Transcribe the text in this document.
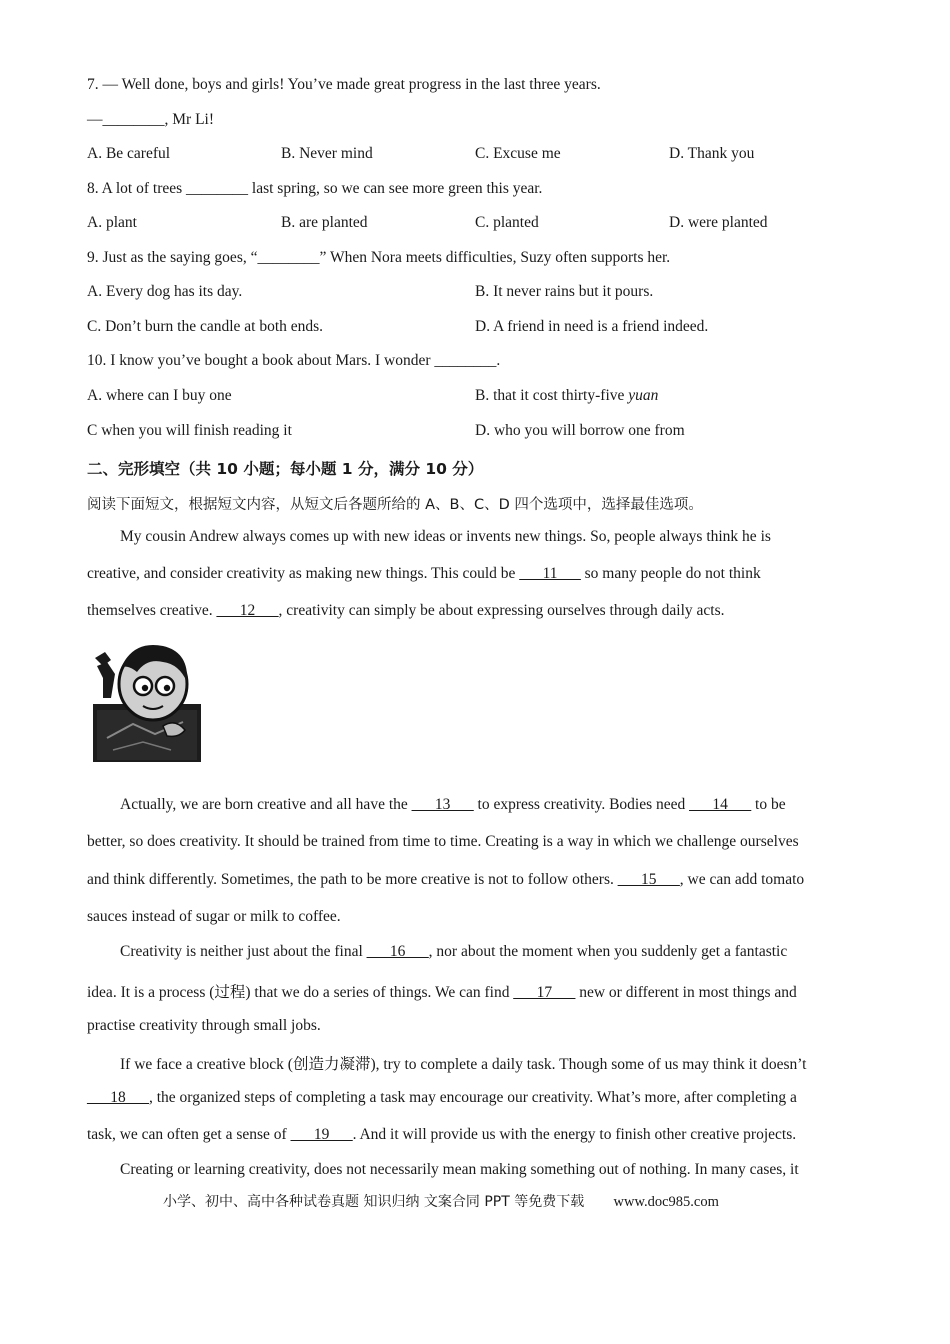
7. — Well done, boys and girls! You’ve made great progress in the last three years.
—________, Mr Li!
A. Be careful	B. Never mind	C. Excuse me	D. Thank you
8. A lot of trees ________ last spring, so we can see more green this year.
A. plant	B. are planted	C. planted	D. were planted
9. Just as the saying goes, “________” When Nora meets difficulties, Suzy often supports her.
A. Every dog has its day.	B. It never rains but it pours.
C. Don’t burn the candle at both ends.	D. A friend in need is a friend indeed.
10. I know you’ve bought a book about Mars. I wonder ________.
A. where can I buy one	B. that it cost thirty-five yuan
C when you will finish reading it	D. who you will borrow one from
二、完形填空（共 10 小题；每小题 1 分，满分 10 分）
阅读下面短文，根据短文内容，从短文后各题所给的 A、B、C、D 四个选项中，选择最佳选项。
My cousin Andrew always comes up with new ideas or invents new things. So, people always think he is
creative, and consider creativity as making new things. This could be ___11___ so many people do not think
themselves creative. ___12___, creativity can simply be about expressing ourselves through daily acts.
Actually, we are born creative and all have the ___13___ to express creativity. Bodies need ___14___ to be
better, so does creativity. It should be trained from time to time. Creating is a way in which we challenge ourselves
and think differently. Sometimes, the path to be more creative is not to follow others. ___15___, we can add tomato
sauces instead of sugar or milk to coffee.
Creativity is neither just about the final ___16___, nor about the moment when you suddenly get a fantastic
idea. It is a process (过程) that we do a series of things. We can find ___17___ new or different in most things and
practise creativity through small jobs.
If we face a creative block (创造力凝滞), try to complete a daily task. Though some of us may think it doesn’t
___18___, the organized steps of completing a task may encourage our creativity. What’s more, after completing a
task, we can often get a sense of ___19___. And it will provide us with the energy to finish other creative projects.
Creating or learning creativity, does not necessarily mean making something out of nothing. In many cases, it
小学、初中、高中各种试卷真题 知识归纳 文案合同 PPT 等免费下载 www.doc985.com
